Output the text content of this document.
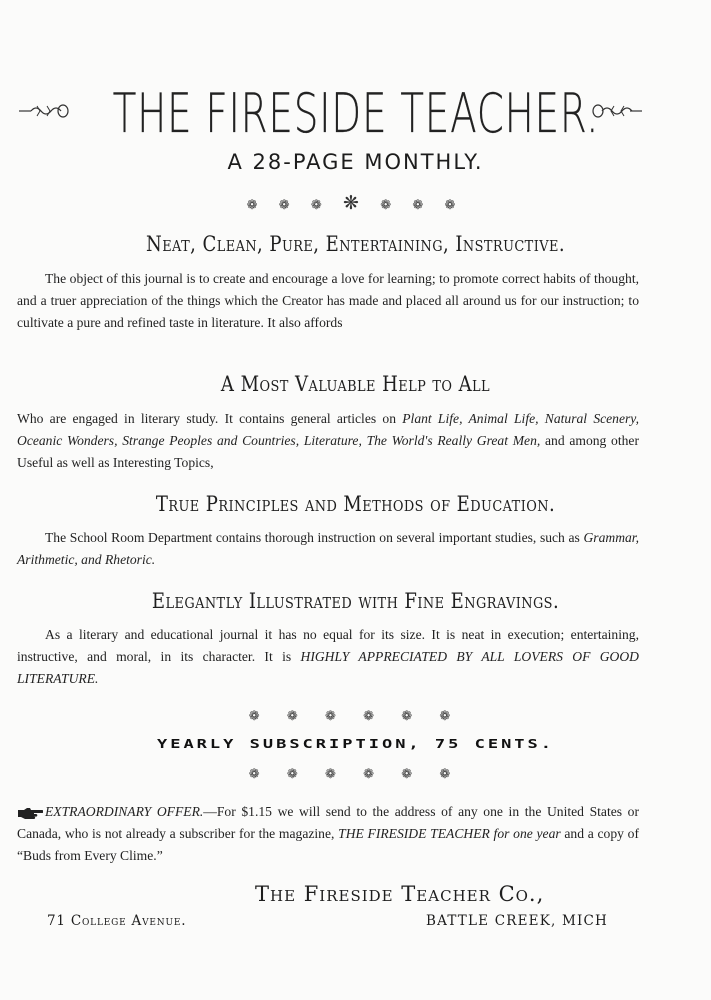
THE FIRESIDE TEACHER.
A 28-PAGE MONTHLY.
❁ ❁ ❁ ❋ ❁ ❁ ❁
Neat, Clean, Pure, Entertaining, Instructive.
The object of this journal is to create and encourage a love for learning; to promote correct habits of thought, and a truer appreciation of the things which the Creator has made and placed all around us for our instruction; to cultivate a pure and refined taste in literature. It also affords
A Most Valuable Help to All
Who are engaged in literary study. It contains general articles on Plant Life, Animal Life, Natural Scenery, Oceanic Wonders, Strange Peoples and Countries, Literature, The World's Really Great Men, and among other Useful as well as Interesting Topics,
True Principles and Methods of Education.
The School Room Department contains thorough instruction on several important studies, such as Grammar, Arithmetic, and Rhetoric.
Elegantly Illustrated with Fine Engravings.
As a literary and educational journal it has no equal for its size. It is neat in execution; entertaining, instructive, and moral, in its character. It is HIGHLY APPRECIATED BY ALL LOVERS OF GOOD LITERATURE.
❁ ❁ ❁ ❁ ❁ ❁
YEARLY SUBSCRIPTION, 75 CENTS.
❁ ❁ ❁ ❁ ❁ ❁
EXTRAORDINARY OFFER.—For $1.15 we will send to the address of any one in the United States or Canada, who is not already a subscriber for the magazine, THE FIRESIDE TEACHER for one year and a copy of “Buds from Every Clime.”
The Fireside Teacher Co.,
71 College Avenue.	BATTLE CREEK, MICH
